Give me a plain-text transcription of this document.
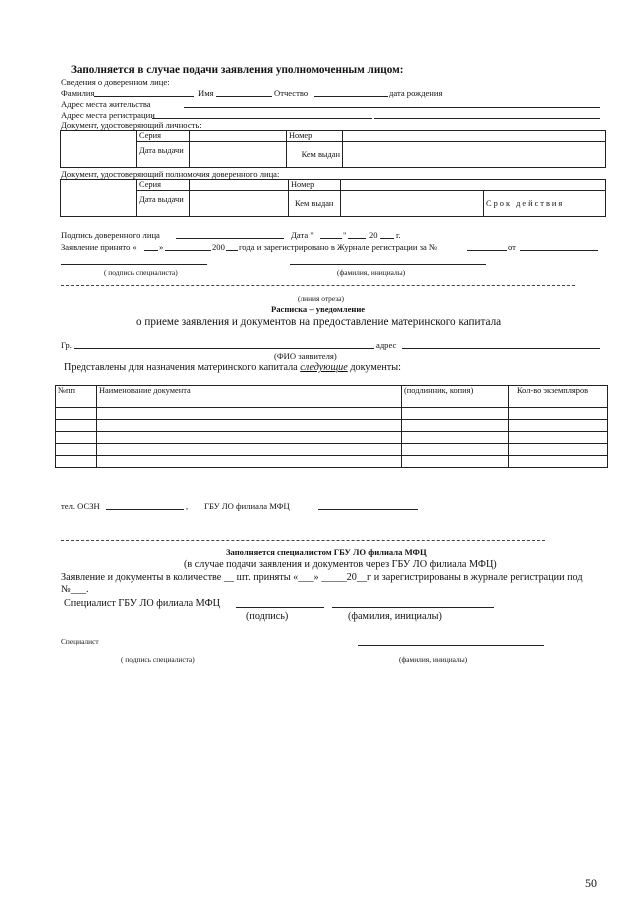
Заполняется в случае подачи заявления уполномоченным лицом:
Сведения о доверенном лице:
Фамилия	Имя	Отчество	дата рождения
Адрес места жительства
Адрес места регистрации
Документ, удостоверяющий личность:
	Серия		Номер	
	Дата выдачи		Кем выдан	
Документ, удостоверяющий полномочия доверенного лица:
	Серия		Номер		
	Дата выдачи		Кем выдан		Срок действия
Подпись доверенного лица	Дата "	"	20 г.
Заявление принято «	»	200 года и зарегистрировано в Журнале регистрации за №	от
( подпись специалиста)	(фамилия, инициалы)
(линия отреза)
Расписка – уведомление
о приеме заявления и документов на предоставление материнского капитала
Гр.	адрес
(ФИО заявителя)
Представлены для назначения материнского капитала следующие документы:
№пп	Наименование документа	(подлинник, копия)	Кол-во экземпляров

тел. ОСЗН	, ГБУ ЛО филиала МФЦ
Заполняется специалистом ГБУ ЛО филиала МФЦ
(в случае подачи заявления и документов через ГБУ ЛО филиала МФЦ)
Заявление и документы в количестве __ шт. приняты «___» _____20__г и зарегистрированы в журнале регистрации под
№___.
Специалист ГБУ ЛО филиала МФЦ
(подпись)	(фамилия, инициалы)
Специалист
( подпись специалиста)	(фамилия, инициалы)
50
